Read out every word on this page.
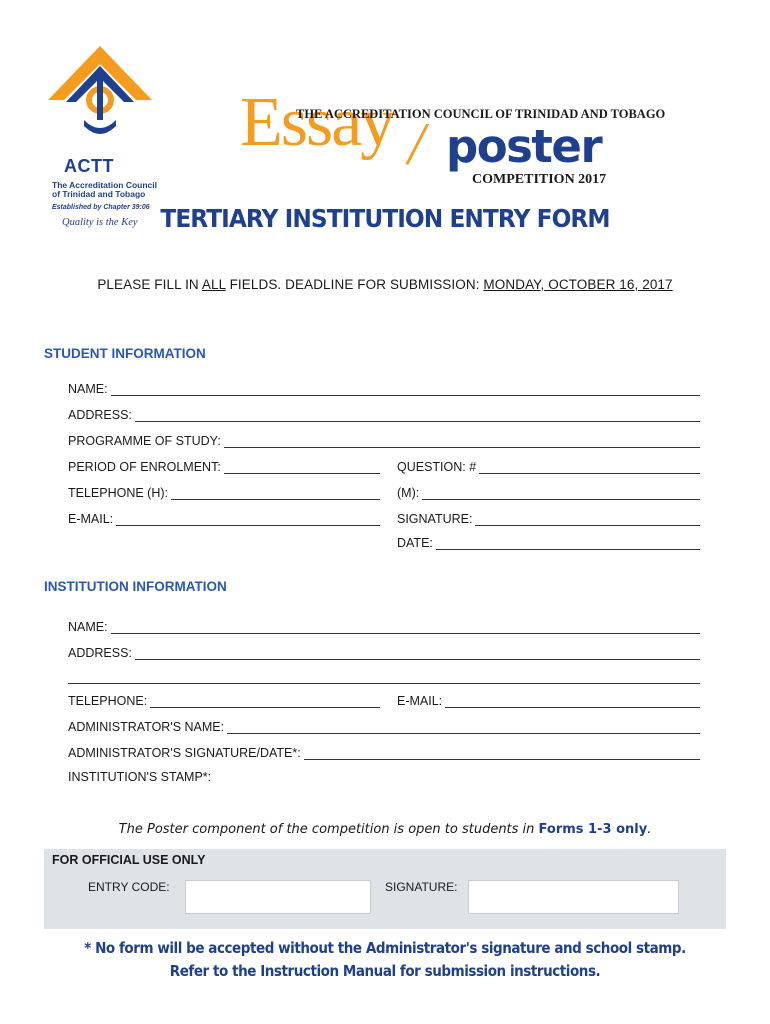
ACTT
The Accreditation Council
of Trinidad and Tobago
Established by Chapter 39:06
Quality is the Key
Essay
THE ACCREDITATION COUNCIL OF TRINIDAD AND TOBAGO
/ poster
COMPETITION 2017
TERTIARY INSTITUTION ENTRY FORM
PLEASE FILL IN ALL FIELDS. DEADLINE FOR SUBMISSION: MONDAY, OCTOBER 16, 2017
STUDENT INFORMATION
NAME:
ADDRESS:
PROGRAMME OF STUDY:
PERIOD OF ENROLMENT:	QUESTION: #
TELEPHONE (H):	(M):
E-MAIL:	SIGNATURE:
DATE:
INSTITUTION INFORMATION
NAME:
ADDRESS:
TELEPHONE:	E-MAIL:
ADMINISTRATOR'S NAME:
ADMINISTRATOR'S SIGNATURE/DATE*:
INSTITUTION'S STAMP*:
The Poster component of the competition is open to students in Forms 1-3 only.
FOR OFFICIAL USE ONLY
ENTRY CODE:	SIGNATURE:
* No form will be accepted without the Administrator's signature and school stamp.
Refer to the Instruction Manual for submission instructions.
